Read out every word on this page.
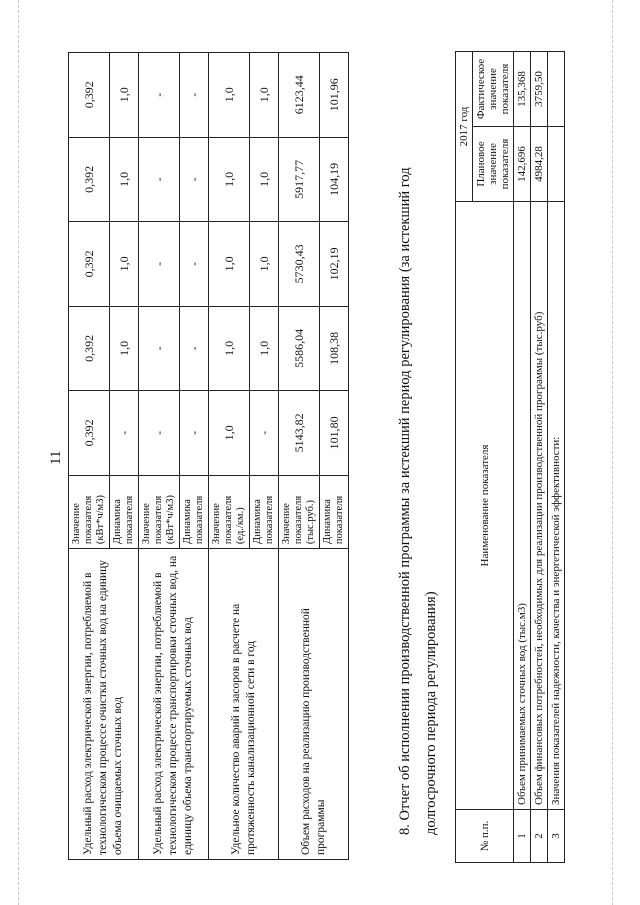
11
Удельный расход электрической энергии, потребляемой в технологическом процессе очистки сточных вод на единицу объема очищаемых сточных вод	Значение показателя (кВт*ч/м3)	0,392	0,392	0,392	0,392	0,392
	Динамика показателя	-	1,0	1,0	1,0	1,0
Удельный расход электрической энергии, потребляемой в технологическом процессе транспортировки сточных вод, на единицу объема транспортируемых сточных вод	Значение показателя (кВт*ч/м3)	-	-	-	-	-
	Динамика показателя	-	-	-	-	-
Удельное количество аварий и засоров в расчете на протяженность канализационной сети в год	Значение показателя (ед./км.)	1,0	1,0	1,0	1,0	1,0
	Динамика показателя	-	1,0	1,0	1,0	1,0
Объем расходов на реализацию производственной программы	Значение показателя (тыс.руб.)	5143,82	5586,04	5730,43	5917,77	6123,44
	Динамика показателя	101,80	108,38	102,19	104,19	101,96
8. Отчет об исполнении производственной программы за истекший период регулирования (за истекший год долгосрочного периода регулирования)
№ п.п.	Наименование показателя	2017 год	
		Плановое значение показателя	Фактическое значение показателя
1	Объем принимаемых сточных вод (тыс.м3)	142,696	135,368
2	Объем финансовых потребностей, необходимых для реализации производственной программы (тыс.руб)	4984,28	3759,50
3	Значения показателей надежности, качества и энергетической эффективности:		
